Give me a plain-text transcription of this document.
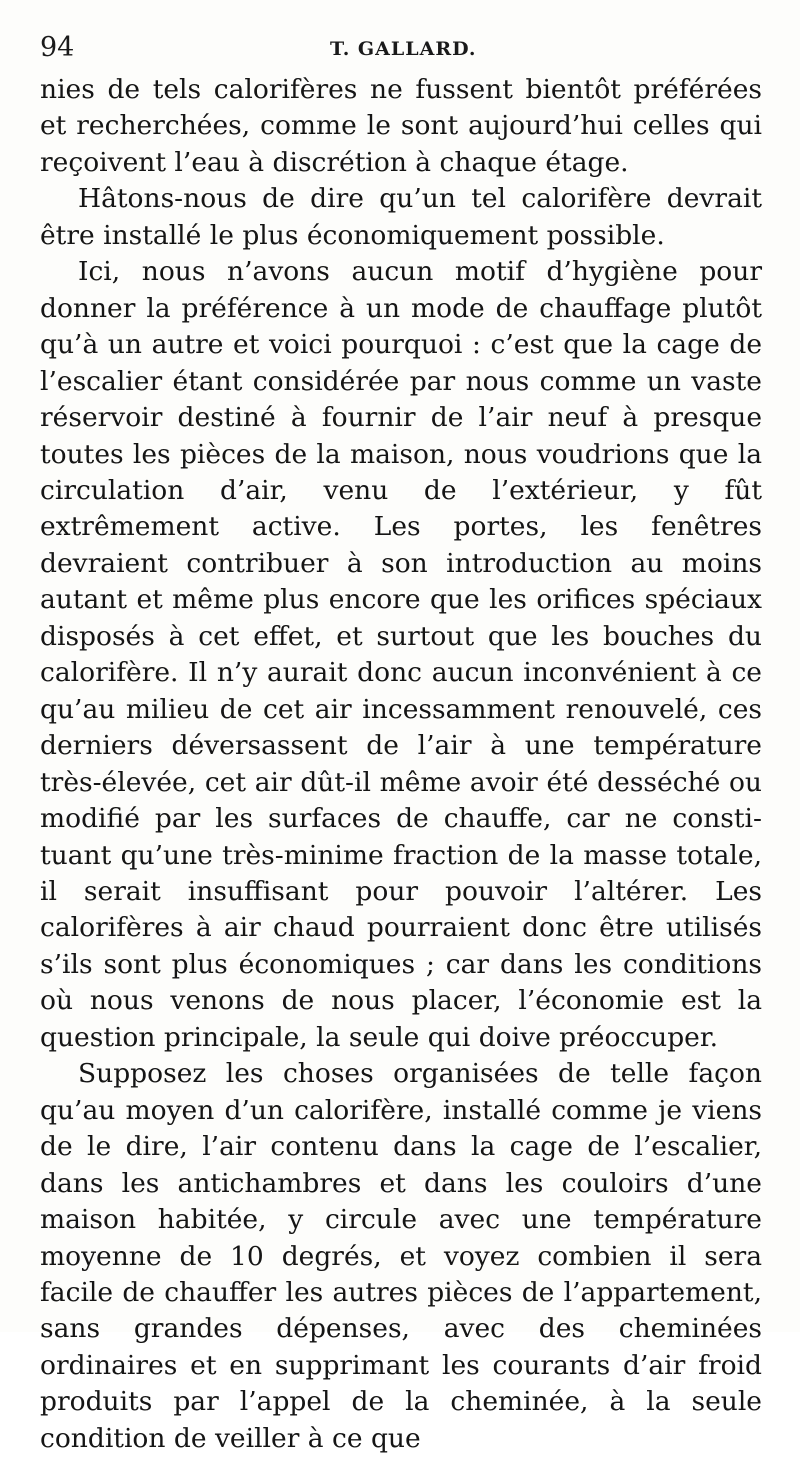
94	T. GALLARD.

nies de tels calorifères ne fussent bientôt préférées et recherchées, comme le sont aujourd’hui celles qui reçoivent l’eau à discrétion à chaque étage.

Hâtons-nous de dire qu’un tel calorifère devrait être installé le plus économiquement possible.

Ici, nous n’avons aucun motif d’hygiène pour donner la préférence à un mode de chauffage plutôt qu’à un autre et voici pourquoi : c’est que la cage de l’escalier étant considérée par nous comme un vaste réservoir destiné à fournir de l’air neuf à presque toutes les pièces de la maison, nous voudrions que la circulation d’air, venu de l’extérieur, y fût extrêmement active. Les portes, les fenêtres devraient contribuer à son introduction au moins autant et même plus encore que les orifices spéciaux disposés à cet effet, et surtout que les bouches du calorifère. Il n’y aurait donc aucun inconvénient à ce qu’au milieu de cet air incessamment renouvelé, ces derniers déversassent de l’air à une température très-élevée, cet air dût-il même avoir été desséché ou modifié par les surfaces de chauffe, car ne constituant qu’une très-minime fraction de la masse totale, il serait insuffisant pour pouvoir l’altérer. Les calorifères à air chaud pourraient donc être utilisés s’ils sont plus économiques ; car dans les conditions où nous venons de nous placer, l’économie est la question principale, la seule qui doive préoccuper.

Supposez les choses organisées de telle façon qu’au moyen d’un calorifère, installé comme je viens de le dire, l’air contenu dans la cage de l’escalier, dans les antichambres et dans les couloirs d’une maison habitée, y circule avec une température moyenne de 10 degrés, et voyez combien il sera facile de chauffer les autres pièces de l’appartement, sans grandes dépenses, avec des cheminées ordinaires et en supprimant les courants d’air froid produits par l’appel de la cheminée, à la seule condition de veiller à ce que
